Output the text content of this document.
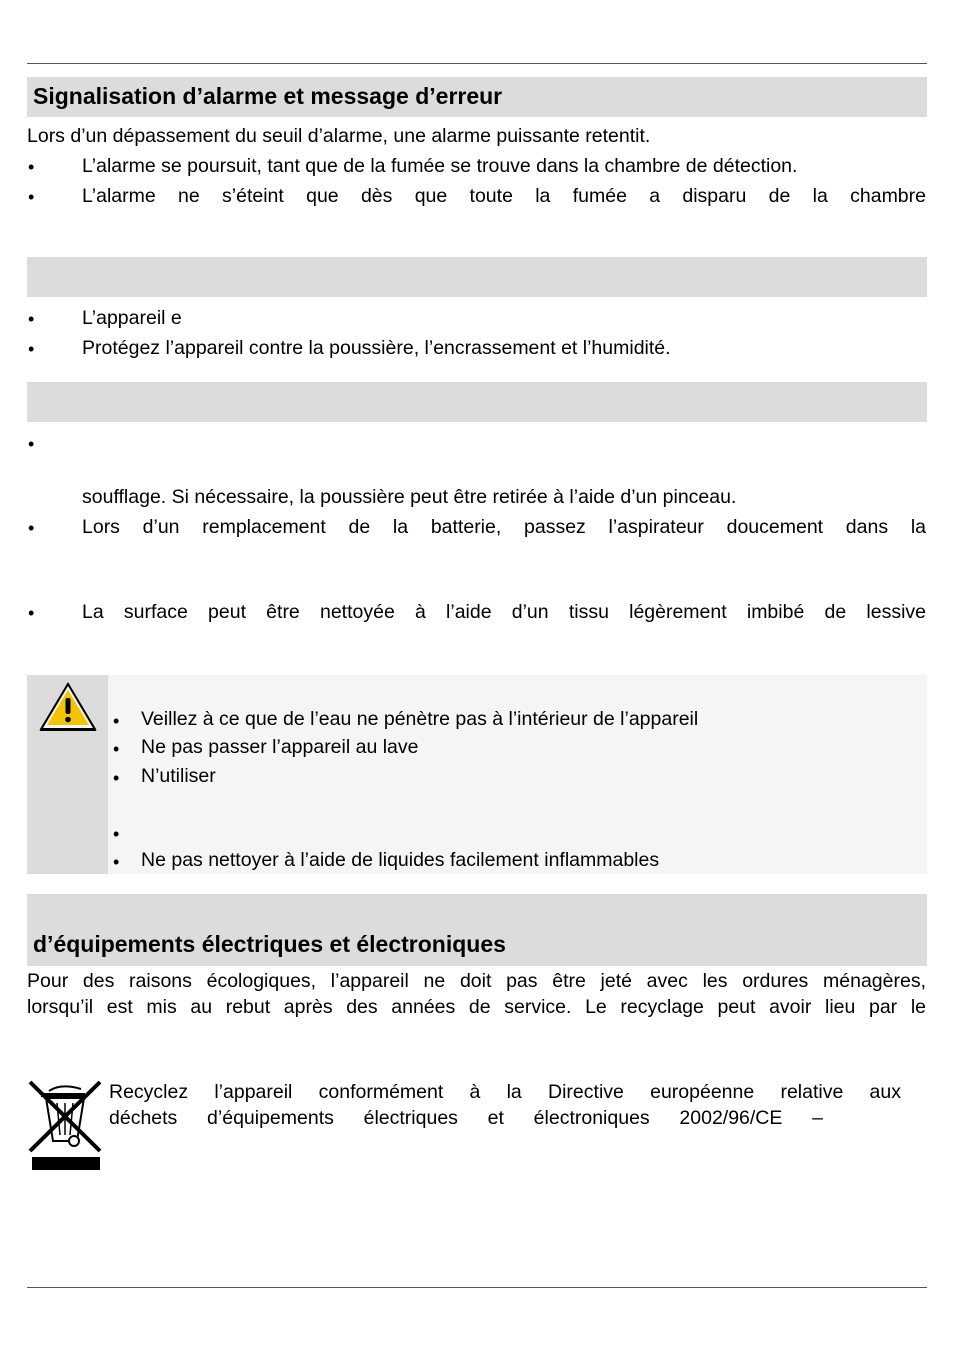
Signalisation d’alarme et message d’erreur
Lors d’un dépassement du seuil d’alarme, une alarme puissante retentit.
• L’alarme se poursuit, tant que de la fumée se trouve dans la chambre de détection.
• L’alarme ne s’éteint que dès que toute la fumée a disparu de la chambre
• L’appareil e
• Protégez l’appareil contre la poussière, l’encrassement et l’humidité.
•
soufflage. Si nécessaire, la poussière peut être retirée à l’aide d’un pinceau.
• Lors d’un remplacement de la batterie, passez l’aspirateur doucement dans la
• La surface peut être nettoyée à l’aide d’un tissu légèrement imbibé de lessive
• Veillez à ce que de l’eau ne pénètre pas à l’intérieur de l’appareil
• Ne pas passer l’appareil au lave
• N’utiliser
•
• Ne pas nettoyer à l’aide de liquides facilement inflammables
d’équipements électriques et électroniques
Pour des raisons écologiques, l’appareil ne doit pas être jeté avec les ordures ménagères,
lorsqu’il est mis au rebut après des années de service. Le recyclage peut avoir lieu par le
Recyclez l’appareil conformément à la Directive européenne relative aux
déchets d’équipements électriques et électroniques 2002/96/CE –
